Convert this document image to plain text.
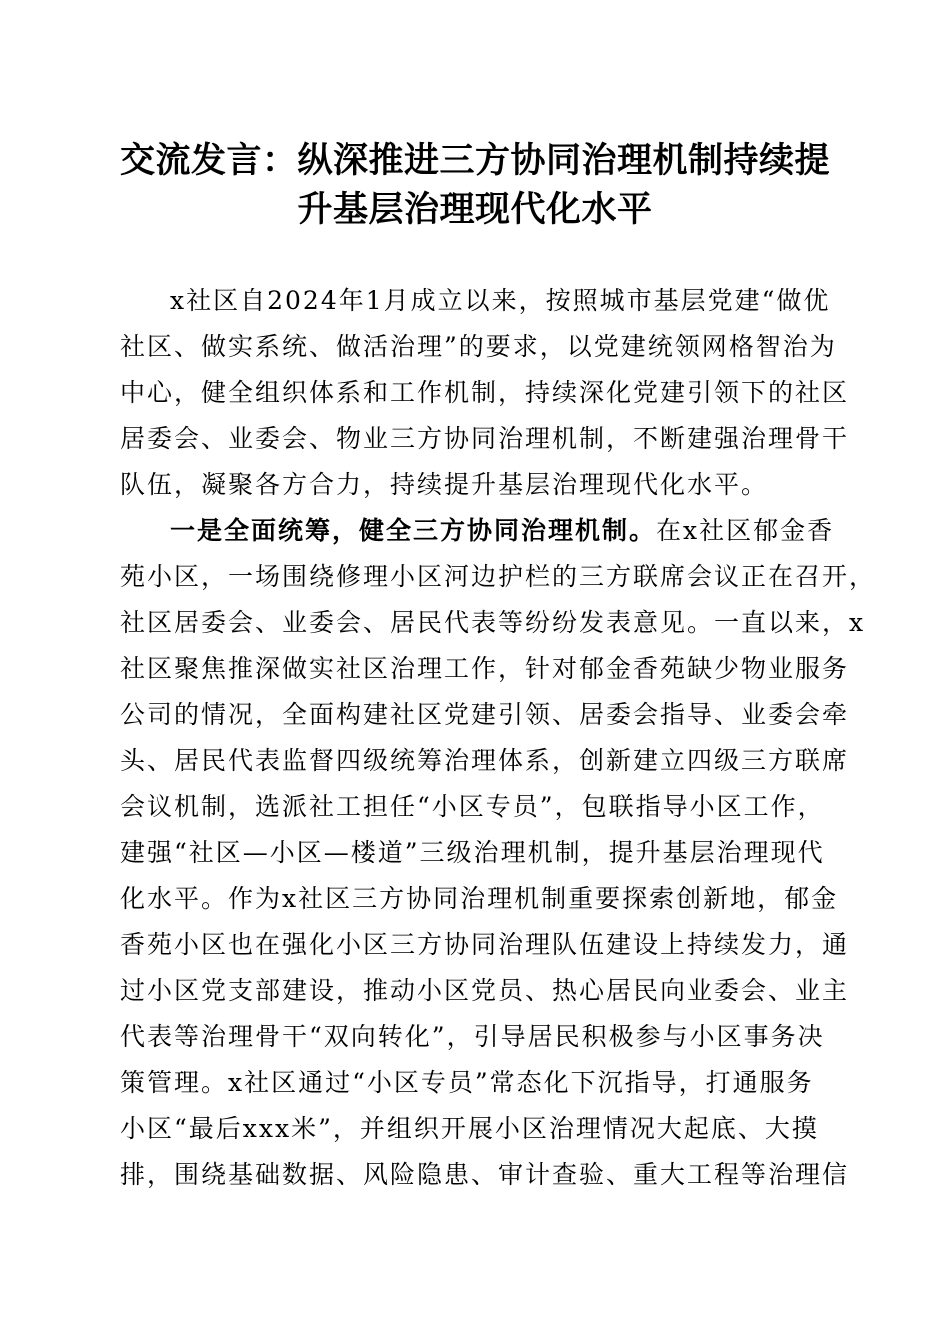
交流发言：纵深推进三方协同治理机制持续提
升基层治理现代化水平
x社区自2024年1月成立以来，按照城市基层党建“做优
社区、做实系统、做活治理”的要求，以党建统领网格智治为
中心，健全组织体系和工作机制，持续深化党建引领下的社区
居委会、业委会、物业三方协同治理机制，不断建强治理骨干
队伍，凝聚各方合力，持续提升基层治理现代化水平。
一是全面统筹，健全三方协同治理机制。在x社区郁金香
苑小区，一场围绕修理小区河边护栏的三方联席会议正在召开，
社区居委会、业委会、居民代表等纷纷发表意见。一直以来，x
社区聚焦推深做实社区治理工作，针对郁金香苑缺少物业服务
公司的情况，全面构建社区党建引领、居委会指导、业委会牵
头、居民代表监督四级统筹治理体系，创新建立四级三方联席
会议机制，选派社工担任“小区专员”，包联指导小区工作，
建强“社区—小区—楼道”三级治理机制，提升基层治理现代
化水平。作为x社区三方协同治理机制重要探索创新地，郁金
香苑小区也在强化小区三方协同治理队伍建设上持续发力，通
过小区党支部建设，推动小区党员、热心居民向业委会、业主
代表等治理骨干“双向转化”，引导居民积极参与小区事务决
策管理。x社区通过“小区专员”常态化下沉指导，打通服务
小区“最后xxx米”，并组织开展小区治理情况大起底、大摸
排，围绕基础数据、风险隐患、审计查验、重大工程等治理信
